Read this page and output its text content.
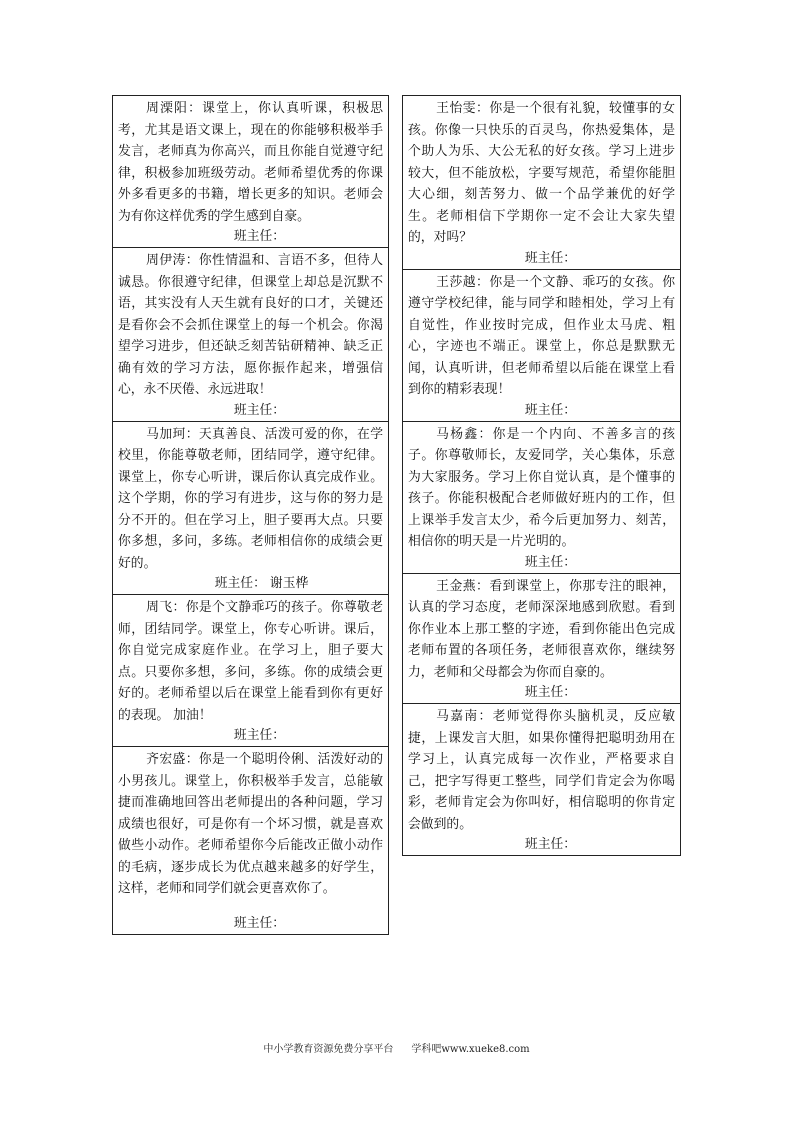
周溧阳：课堂上，你认真听课，积极思考，尤其是语文课上，现在的你能够积极举手发言，老师真为你高兴，而且你能自觉遵守纪律，积极参加班级劳动。老师希望优秀的你课外多看更多的书籍，增长更多的知识。老师会为有你这样优秀的学生感到自豪。

班主任：

周伊涛：你性情温和、言语不多，但待人诚恳。你很遵守纪律，但课堂上却总是沉默不语，其实没有人天生就有良好的口才，关键还是看你会不会抓住课堂上的每一个机会。你渴望学习进步，但还缺乏刻苦钻研精神、缺乏正确有效的学习方法，愿你振作起来，增强信心，永不厌倦、永远进取！

班主任：

马加珂：天真善良、活泼可爱的你，在学校里，你能尊敬老师，团结同学，遵守纪律。课堂上，你专心听讲，课后你认真完成作业。这个学期，你的学习有进步，这与你的努力是分不开的。但在学习上，胆子要再大点。只要你多想，多问，多练。老师相信你的成绩会更好的。

班主任： 谢玉桦

周飞：你是个文静乖巧的孩子。你尊敬老师，团结同学。课堂上，你专心听讲。课后，你自觉完成家庭作业。在学习上，胆子要大点。只要你多想，多问，多练。你的成绩会更好的。老师希望以后在课堂上能看到你有更好的表现。 加油！

班主任：

齐宏盛：你是一个聪明伶俐、活泼好动的小男孩儿。课堂上，你积极举手发言，总能敏捷而准确地回答出老师提出的各种问题，学习成绩也很好，可是你有一个坏习惯，就是喜欢做些小动作。老师希望你今后能改正做小动作的毛病，逐步成长为优点越来越多的好学生，这样，老师和同学们就会更喜欢你了。

班主任：

王怡雯：你是一个很有礼貌，较懂事的女孩。你像一只快乐的百灵鸟，你热爱集体，是个助人为乐、大公无私的好女孩。学习上进步较大，但不能放松，字要写规范，希望你能胆大心细，刻苦努力、做一个品学兼优的好学生。老师相信下学期你一定不会让大家失望的，对吗？

班主任：

王莎越：你是一个文静、乖巧的女孩。你遵守学校纪律，能与同学和睦相处，学习上有自觉性，作业按时完成，但作业太马虎、粗心，字迹也不端正。课堂上，你总是默默无闻，认真听讲，但老师希望以后能在课堂上看到你的精彩表现！

班主任：

马杨鑫：你是一个内向、不善多言的孩子。你尊敬师长，友爱同学，关心集体，乐意为大家服务。学习上你自觉认真，是个懂事的孩子。你能积极配合老师做好班内的工作，但上课举手发言太少，希今后更加努力、刻苦，相信你的明天是一片光明的。

班主任：

王金燕：看到课堂上，你那专注的眼神，认真的学习态度，老师深深地感到欣慰。看到你作业本上那工整的字迹，看到你能出色完成老师布置的各项任务，老师很喜欢你，继续努力，老师和父母都会为你而自豪的。

班主任：

马嘉南：老师觉得你头脑机灵，反应敏捷，上课发言大胆，如果你懂得把聪明劲用在学习上，认真完成每一次作业，严格要求自己，把字写得更工整些，同学们肯定会为你喝彩，老师肯定会为你叫好，相信聪明的你肯定会做到的。

班主任：
中小学教育资源免费分享平台 学科吧www.xueke8.com
